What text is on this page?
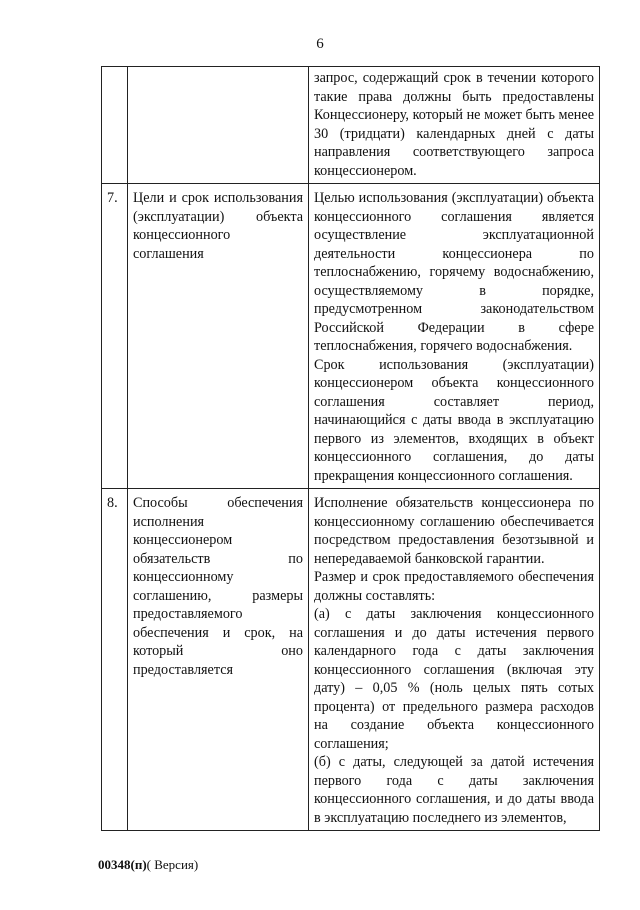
6

		запрос, содержащий срок в течении которого такие права должны быть предоставлены Концессионеру, который не может быть менее 30 (тридцати) календарных дней с даты направления соответствующего запроса концессионером.

7.	Цели и срок использования (эксплуатации) объекта концессионного соглашения	Целью использования (эксплуатации) объекта концессионного соглашения является осуществление эксплуатационной деятельности концессионера по теплоснабжению, горячему водоснабжению, осуществляемому в порядке, предусмотренном законодательством Российской Федерации в сфере теплоснабжения, горячего водоснабжения.

Срок использования (эксплуатации) концессионером объекта концессионного соглашения составляет период, начинающийся с даты ввода в эксплуатацию первого из элементов, входящих в объект концессионного соглашения, до даты прекращения концессионного соглашения.

8.	Способы обеспечения исполнения концессионером обязательств по концессионному соглашению, размеры предоставляемого обеспечения и срок, на который оно предоставляется	Исполнение обязательств концессионера по концессионному соглашению обеспечивается посредством предоставления безотзывной и непередаваемой банковской гарантии.

Размер и срок предоставляемого обеспечения должны составлять:

(а) с даты заключения концессионного соглашения и до даты истечения первого календарного года с даты заключения концессионного соглашения (включая эту дату) – 0,05 % (ноль целых пять сотых процента) от предельного размера расходов на создание объекта концессионного соглашения;

(б) с даты, следующей за датой истечения первого года с даты заключения концессионного соглашения, и до даты ввода в эксплуатацию последнего из элементов,

00348(п)( Версия)
